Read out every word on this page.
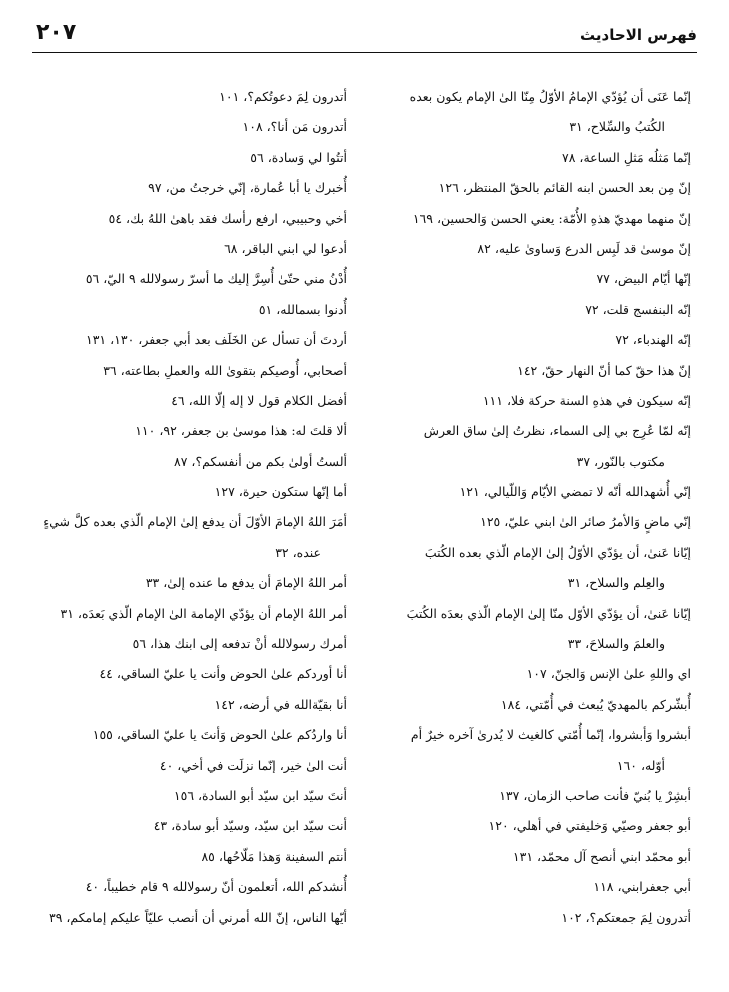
فهرس الاحاديث
٢٠٧
إنّما عَنَى أن يُؤدّي الإمامُ الأوّلُ مِنّا الىٰ الإمام يكون بعده
الكُتبُ والسِّلاح، ٣١
إنّما مَثلُه مَثلِ الساعة، ٧٨
إنّ مِن بعد الحسن ابنه القائم بالحقّ المنتظر، ١٢٦
إنّ منهما مهديّ هذهِ الأُمّة: يعني الحسن وَالحسين، ١٦٩
إنّ موسىٰ قد لَبِس الدرع وَساوىٰ عليه، ٨٢
إنّها أيّام البيض، ٧٧
إنّه البنفسج قلت، ٧٢
إنّه الهندباء، ٧٢
إنّ هذا حقّ كما أنّ النهار حقّ، ١٤٢
إنّه سيكون في هذهِ السنة حركة فلا، ١١١
إنّه لمّا عُرِج بي إلى السماء، نظرتُ إلىٰ ساق العرش
مكتوب بالنّور، ٣٧
إنّي أُشهدالله أنّه لا تمضي الأيّام وَاللّيالي، ١٢١
إنّي ماضٍ وَالأمرُ صائر الىٰ ابني عليّ، ١٢٥
إيّانا عَنىٰ، أن يؤدّي الأوّلُ إلىٰ الإمام الّذي بعده الكُتبَ
والعِلم والسلاح، ٣١
إيّانا عَنىٰ، أن يؤدّي الأوّل منّا إلىٰ الإمام الّذي بعدَه الكُتبَ
والعلمَ والسلاحَ، ٣٣
اي واللهِ علىٰ الإنس وَالجنّ، ١٠٧
أُبشّركم بالمهديّ يُبعث في أُمّتي، ١٨٤
أبشروا وَأبشروا، إنّما أُمّتي كالغيث لا يُدرىٰ آخره خيرٌ أم
أوّله، ١٦٠
أبشِرْ يا بُنيّ فأنت صاحب الزمان، ١٣٧
أبو جعفر وصيّي وَخليفتي في أهلي، ١٢٠
أبو محمّد ابني أنصح آل محمّد، ١٣١
أبي جعفرابني، ١١٨
أتدرون لِمَ جمعتكم؟، ١٠٢
أتدرون لِمَ دعوتُكم؟، ١٠١
أتدرون مَن أنا؟، ١٠٨
أتتُوا لي وَسادة، ٥٦
أُخبرك يا أبا عُمارة، إنّي خرجتُ من، ٩٧
أخي وحبيبي، ارفع رأسك فقد باهىٰ اللهُ بك، ٥٤
أدعوا لي ابني الباقر، ٦٨
أُدْنُ مني حتّىٰ أُسِرَّ إليك ما أسرّ رسولالله ٩ اليّ، ٥٦
أُدنوا بسمالله، ٥١
أردتَ أن تسأل عن الخَلَف بعد أبي جعفر، ١٣٠، ١٣١
أصحابي، أُوصيكم بتقوىٰ الله والعملِ بطاعته، ٣٦
أفضل الكلام قول لا إله إلّا الله، ٤٦
ألا قلتَ له: هذا موسىٰ بن جعفر، ٩٢، ١١٠
ألستُ أولىٰ بكم من أنفسكم؟، ٨٧
أما إنّها ستكون حيرة، ١٢٧
أمَرَ اللهُ الإمامَ الأوّلَ أن يدفع إلىٰ الإمام الّذي بعده كلَّ شيءٍ
عنده، ٣٢
أمر اللهُ الإمامَ أن يدفع ما عنده إلىٰ، ٣٣
أمر اللهُ الإمام أن يؤدّي الإمامة الىٰ الإمام الّذي بَعدَه، ٣١
أمرك رسولالله أنْ تدفعه إلى ابنك هذا، ٥٦
أنا أوردكم علىٰ الحوض وأنت يا عليّ الساقي، ٤٤
أنا بقيّةالله في أرضه، ١٤٢
أنا واردُكم علىٰ الحوض وَأنتَ يا عليّ الساقي، ١٥٥
أنت الىٰ خير، إنّما نزلَت في أخي، ٤٠
أنتَ سيّد ابن سيّد أبو السادة، ١٥٦
أنت سيّد ابن سيّد، وسيّد أبو سادة، ٤٣
أنتم السفينة وَهذا مَلّاحُها، ٨٥
أُنشدكم الله، أتعلمون أنّ رسولالله ٩ قام خطيباً، ٤٠
أيّها الناس، إنّ الله أمرني أن أنصب عليّاً عليكم إمامكم، ٣٩
